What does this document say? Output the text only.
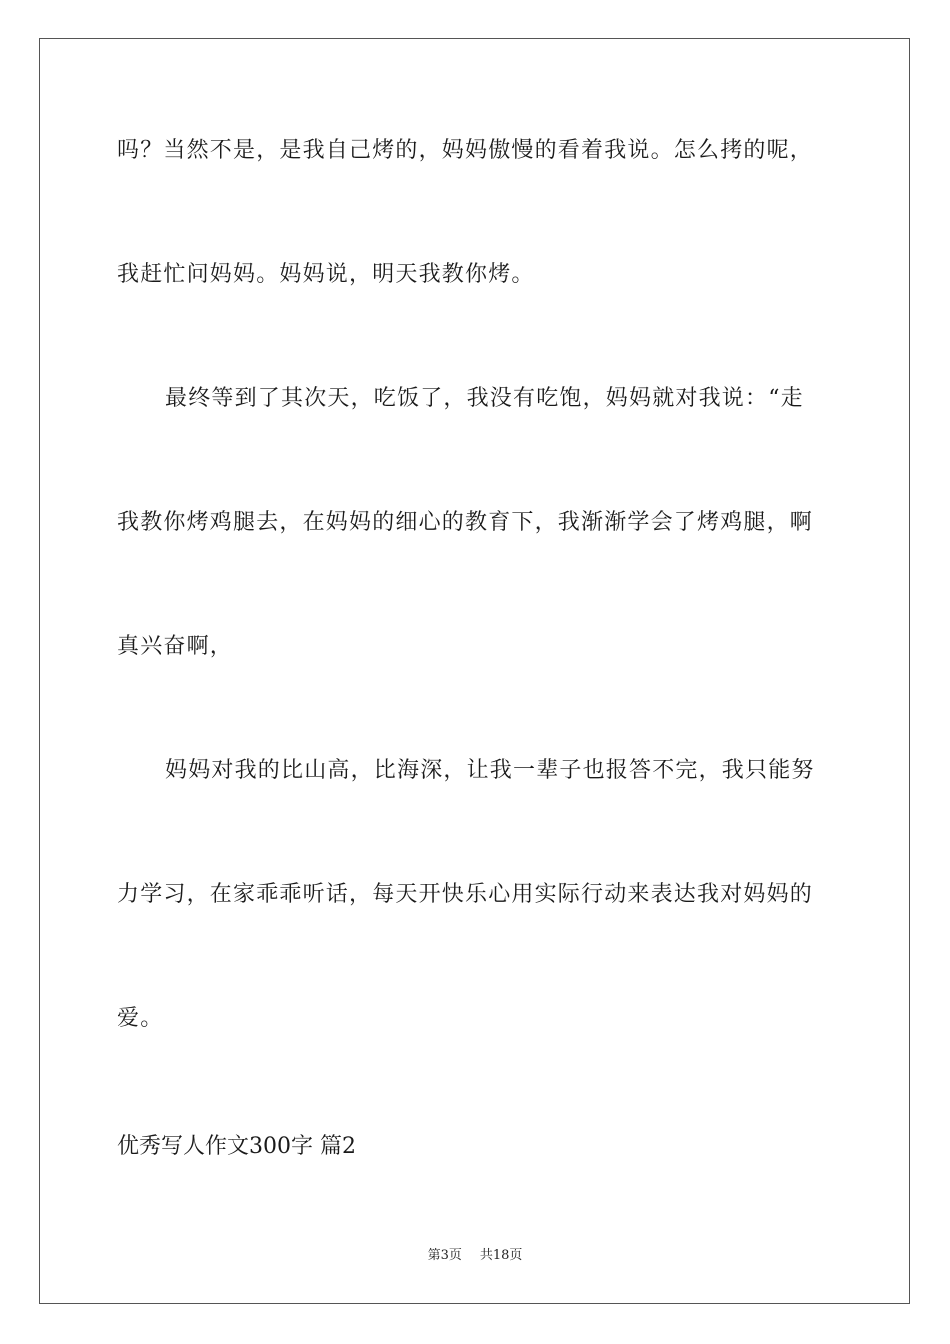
吗？当然不是，是我自己烤的，妈妈傲慢的看着我说。怎么拷的呢，
我赶忙问妈妈。妈妈说，明天我教你烤。
最终等到了其次天，吃饭了，我没有吃饱，妈妈就对我说：“走
我教你烤鸡腿去，在妈妈的细心的教育下，我渐渐学会了烤鸡腿，啊
真兴奋啊，
妈妈对我的比山高，比海深，让我一辈子也报答不完，我只能努
力学习，在家乖乖听话，每天开快乐心用实际行动来表达我对妈妈的
爱。
优秀写人作文300字 篇2
第3页 共18页
